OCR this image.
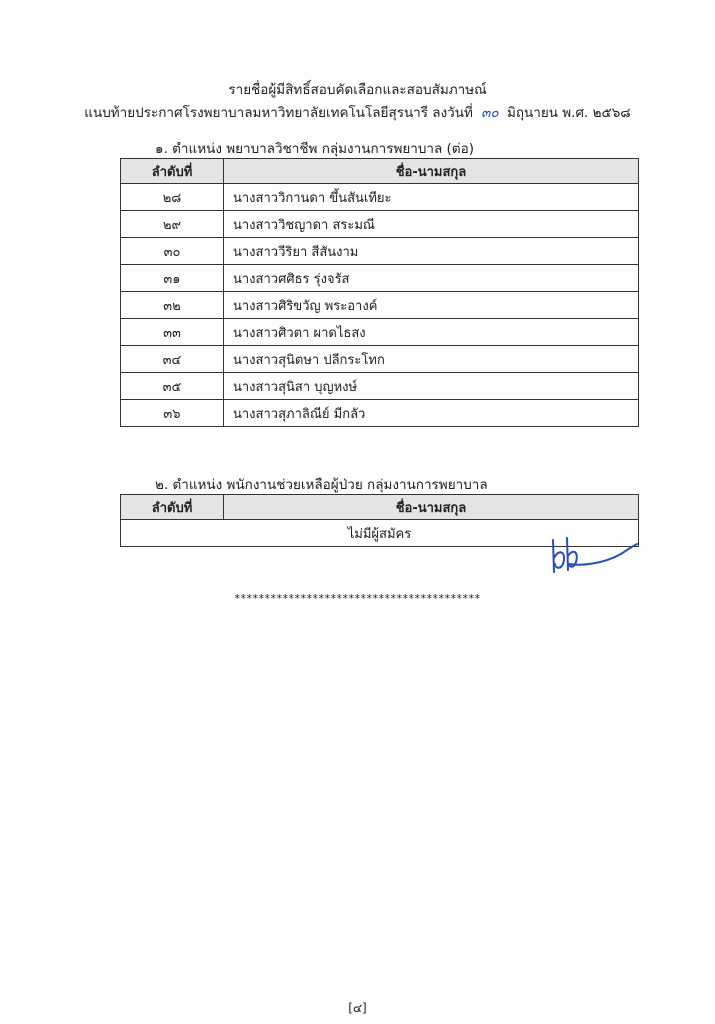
รายชื่อผู้มีสิทธิ์สอบคัดเลือกและสอบสัมภาษณ์
แนบท้ายประกาศโรงพยาบาลมหาวิทยาลัยเทคโนโลยีสุรนารี ลงวันที่ ๓๐ มิถุนายน พ.ศ. ๒๕๖๘
๑. ตำแหน่ง พยาบาลวิชาชีพ กลุ่มงานการพยาบาล (ต่อ)
ลำดับที่	ชื่อ-นามสกุล
๒๘	นางสาววิกานดา ขึ้นสันเทียะ
๒๙	นางสาววิชญาดา สระมณี
๓๐	นางสาววีริยา สีสันงาม
๓๑	นางสาวศศิธร รุ่งจรัส
๓๒	นางสาวศิริขวัญ พระอางค์
๓๓	นางสาวศิวตา ผาดไธสง
๓๔	นางสาวสุนิตษา ปลีกระโทก
๓๕	นางสาวสุนิสา บุญหงษ์
๓๖	นางสาวสุภาลิณีย์ มีกลัว
๒. ตำแหน่ง พนักงานช่วยเหลือผู้ป่วย กลุ่มงานการพยาบาล
ลำดับที่	ชื่อ-นามสกุล
ไม่มีผู้สมัคร
*****************************************
[๔]
